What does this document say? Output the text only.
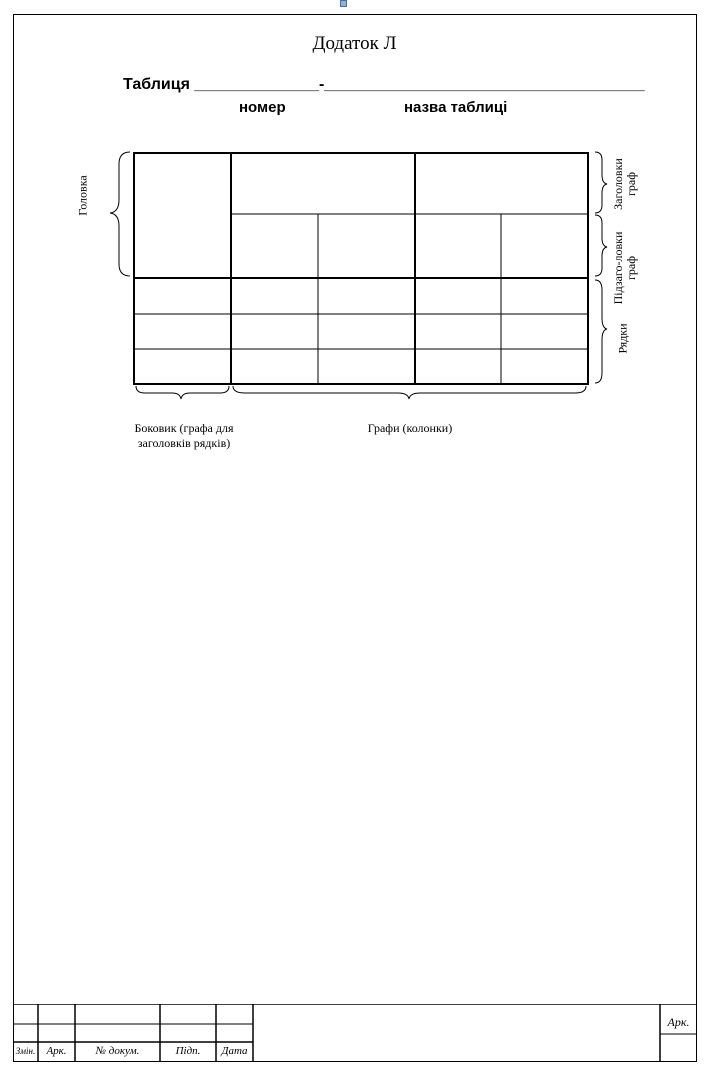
Додаток Л
Таблиця ______________-____________________________________
номер	назва таблиці
Головка	Заголовки граф
Підзаго-ловки граф
Рядки
Боковик (графа для заголовків рядків)
Графи (колонки)
Змін.	Арк.	№ докум.	Підп.	Дата
Арк.
